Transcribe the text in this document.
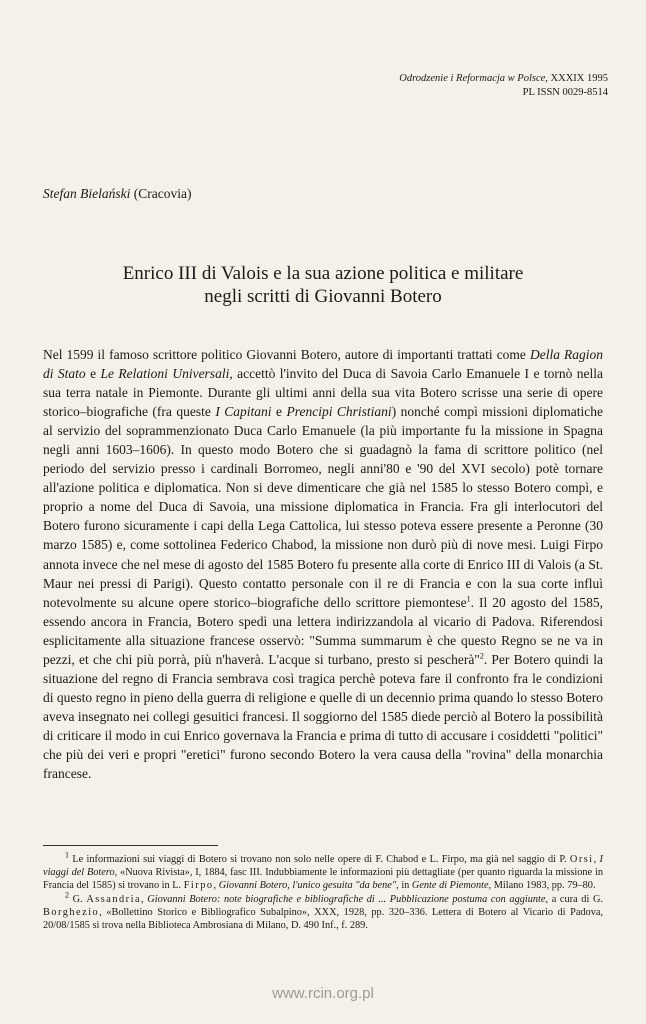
Odrodzenie i Reformacja w Polsce, XXXIX 1995
PL ISSN 0029-8514
Stefan Bielański (Cracovia)
Enrico III di Valois e la sua azione politica e militare
negli scritti di Giovanni Botero

Nel 1599 il famoso scrittore politico Giovanni Botero, autore di importanti trattati come Della Ragion di Stato e Le Relationi Universali, accettò l'invito del Duca di Savoia Carlo Emanuele I e tornò nella sua terra natale in Piemonte. Durante gli ultimi anni della sua vita Botero scrisse una serie di opere storico–biografiche (fra queste I Capitani e Prencipi Christiani) nonché compì missioni diplomatiche al servizio del soprammenzionato Duca Carlo Emanuele (la più importante fu la missione in Spagna negli anni 1603–1606). In questo modo Botero che si guadagnò la fama di scrittore politico (nel periodo del servizio presso i cardinali Borromeo, negli anni'80 e '90 del XVI secolo) potè tornare all'azione politica e diplomatica. Non si deve dimenticare che già nel 1585 lo stesso Botero compì, e proprio a nome del Duca di Savoia, una missione diplomatica in Francia. Fra gli interlocutori del Botero furono sicuramente i capi della Lega Cattolica, lui stesso poteva essere presente a Peronne (30 marzo 1585) e, come sottolinea Federico Chabod, la missione non durò più di nove mesi. Luigi Firpo annota invece che nel mese di agosto del 1585 Botero fu presente alla corte di Enrico III di Valois (a St. Maur nei pressi di Parigi). Questo contatto personale con il re di Francia e con la sua corte influì notevolmente su alcune opere storico–biografiche dello scrittore piemontese$^1$. Il 20 agosto del 1585, essendo ancora in Francia, Botero spedì una lettera indirizzandola al vicario di Padova. Riferendosi esplicitamente alla situazione francese osservò: "Summa summarum è che questo Regno se ne va in pezzi, et che chi più porrà, più n'haverà. L'acque si turbano, presto si pescherà"$^2$. Per Botero quindi la situazione del regno di Francia sembrava così tragica perchè poteva fare il confronto fra le condizioni di questo regno in pieno della guerra di religione e quelle di un decennio prima quando lo stesso Botero aveva insegnato nei collegi gesuitici francesi. Il soggiorno del 1585 diede perciò al Botero la possibilità di criticare il modo in cui Enrico governava la Francia e prima di tutto di accusare i cosiddetti "politici" che più dei veri e propri "eretici" furono secondo Botero la vera causa della "rovina" della monarchia francese.

$^1$ Le informazioni sui viaggi di Botero si trovano non solo nelle opere di F. Chabod e L. Firpo, ma già nel saggio di P. Orsi, I viaggi del Botero, «Nuova Rivista», I, 1884, fasc III. Indubbiamente le informazioni più dettagliate (per quanto riguarda la missione in Francia del 1585) si trovano in L. Firpo, Giovanni Botero, l'unico gesuita "da bene", in Gente di Piemonte, Milano 1983, pp. 79–80.

$^2$ G. Assandria, Giovanni Botero: note biografiche e bibliografiche di ... Pubblicazione postuma con aggiunte, a cura di G. Borghezio, «Bollettino Storico e Bibliografico Subalpino», XXX, 1928, pp. 320–336. Lettera di Botero al Vicario di Padova, 20/08/1585 si trova nella Biblioteca Ambrosiana di Milano, D. 490 Inf., f. 289.

www.rcin.org.pl
